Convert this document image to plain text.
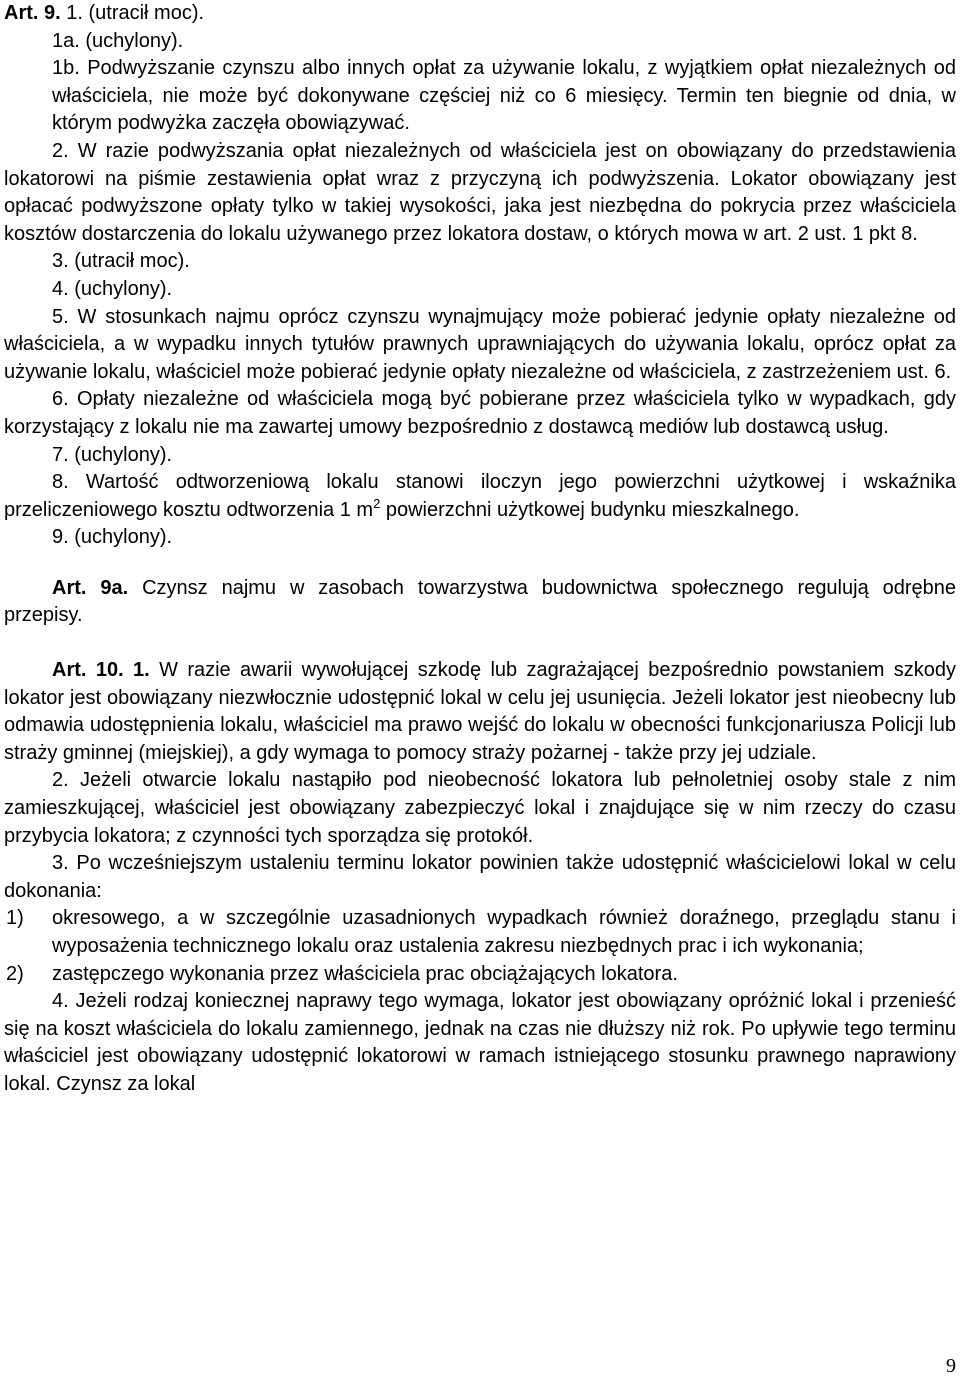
Art. 9. 1. (utracił moc).

1a. (uchylony).

1b. Podwyższanie czynszu albo innych opłat za używanie lokalu, z wyjątkiem opłat niezależnych od właściciela, nie może być dokonywane częściej niż co 6 miesięcy. Termin ten biegnie od dnia, w którym podwyżka zaczęła obowiązywać.

2. W razie podwyższania opłat niezależnych od właściciela jest on obowiązany do przedstawienia lokatorowi na piśmie zestawienia opłat wraz z przyczyną ich podwyższenia. Lokator obowiązany jest opłacać podwyższone opłaty tylko w takiej wysokości, jaka jest niezbędna do pokrycia przez właściciela kosztów dostarczenia do lokalu używanego przez lokatora dostaw, o których mowa w art. 2 ust. 1 pkt 8.

3. (utracił moc).

4. (uchylony).

5. W stosunkach najmu oprócz czynszu wynajmujący może pobierać jedynie opłaty niezależne od właściciela, a w wypadku innych tytułów prawnych uprawniających do używania lokalu, oprócz opłat za używanie lokalu, właściciel może pobierać jedynie opłaty niezależne od właściciela, z zastrzeżeniem ust. 6.

6. Opłaty niezależne od właściciela mogą być pobierane przez właściciela tylko w wypadkach, gdy korzystający z lokalu nie ma zawartej umowy bezpośrednio z dostawcą mediów lub dostawcą usług.

7. (uchylony).

8. Wartość odtworzeniową lokalu stanowi iloczyn jego powierzchni użytkowej i wskaźnika przeliczeniowego kosztu odtworzenia 1 $m^2$ powierzchni użytkowej budynku mieszkalnego.

9. (uchylony).

Art. 9a. Czynsz najmu w zasobach towarzystwa budownictwa społecznego regulują odrębne przepisy.

Art. 10. 1. W razie awarii wywołującej szkodę lub zagrażającej bezpośrednio powstaniem szkody lokator jest obowiązany niezwłocznie udostępnić lokal w celu jej usunięcia. Jeżeli lokator jest nieobecny lub odmawia udostępnienia lokalu, właściciel ma prawo wejść do lokalu w obecności funkcjonariusza Policji lub straży gminnej (miejskiej), a gdy wymaga to pomocy straży pożarnej - także przy jej udziale.

2. Jeżeli otwarcie lokalu nastąpiło pod nieobecność lokatora lub pełnoletniej osoby stale z nim zamieszkującej, właściciel jest obowiązany zabezpieczyć lokal i znajdujące się w nim rzeczy do czasu przybycia lokatora; z czynności tych sporządza się protokół.

3. Po wcześniejszym ustaleniu terminu lokator powinien także udostępnić właścicielowi lokal w celu dokonania:

1)	okresowego, a w szczególnie uzasadnionych wypadkach również doraźnego, przeglądu stanu i wyposażenia technicznego lokalu oraz ustalenia zakresu niezbędnych prac i ich wykonania;
2)	zastępczego wykonania przez właściciela prac obciążających lokatora.

4. Jeżeli rodzaj koniecznej naprawy tego wymaga, lokator jest obowiązany opróżnić lokal i przenieść się na koszt właściciela do lokalu zamiennego, jednak na czas nie dłuższy niż rok. Po upływie tego terminu właściciel jest obowiązany udostępnić lokatorowi w ramach istniejącego stosunku prawnego naprawiony lokal. Czynsz za lokal

9
